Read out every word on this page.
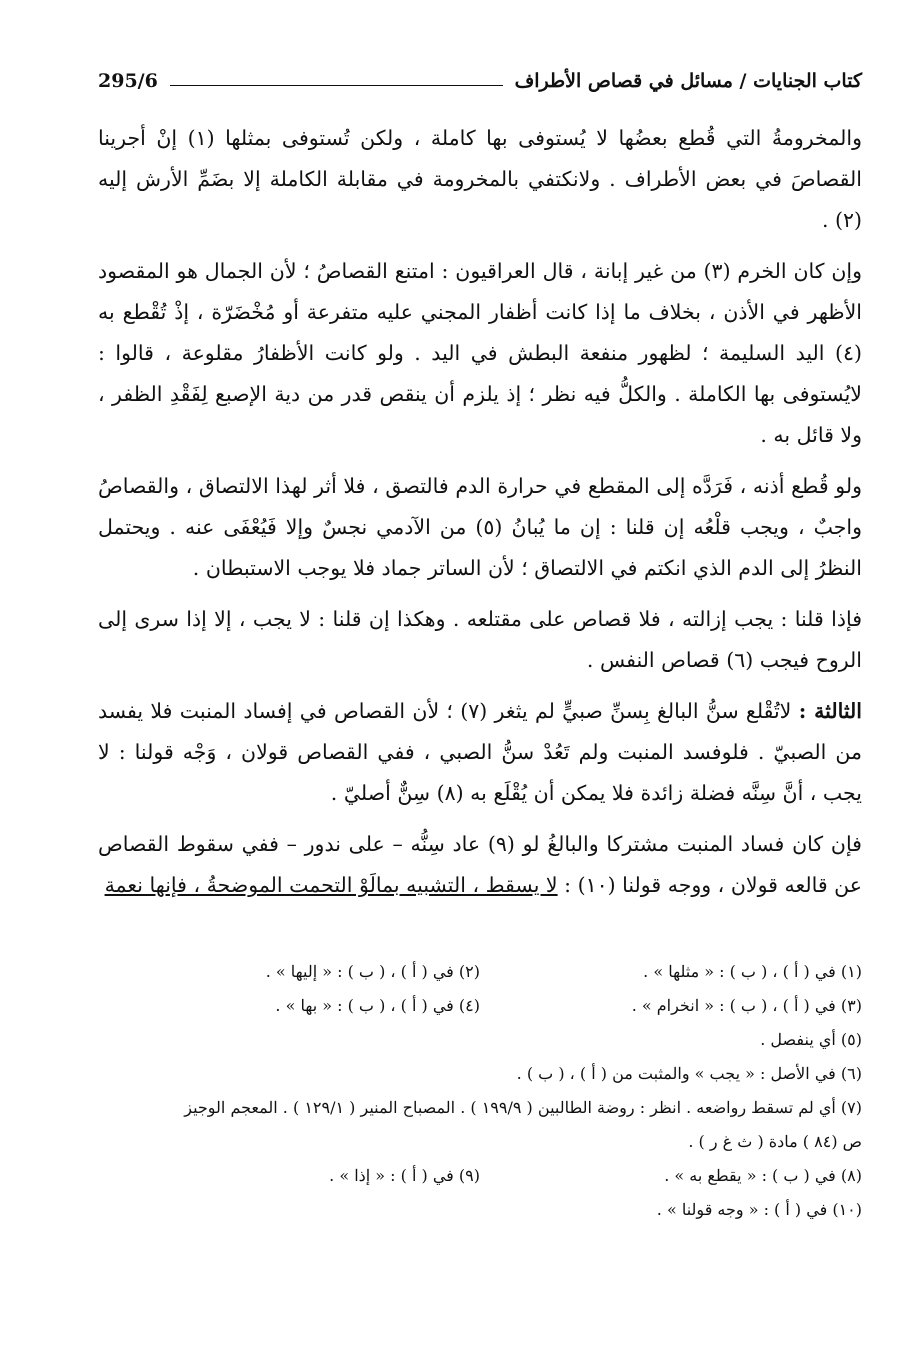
كتاب الجنايات / مسائل في قصاص الأطراف
295/6

والمخرومةُ التي قُطع بعضُها لا يُستوفى بها كاملة ، ولكن تُستوفى بمثلها (١) إنْ أجرينا القصاصَ في بعض الأطراف . ولانكتفي بالمخرومة في مقابلة الكاملة إلا بضَمِّ الأرش إليه (٢) .

وإن كان الخرم (٣) من غير إبانة ، قال العراقيون : امتنع القصاصُ ؛ لأن الجمال هو المقصود الأظهر في الأذن ، بخلاف ما إذا كانت أظفار المجني عليه متفرعة أو مُخْضَرّة ، إذْ تُقْطع به (٤) اليد السليمة ؛ لظهور منفعة البطش في اليد . ولو كانت الأظفارُ مقلوعة ، قالوا : لايُستوفى بها الكاملة . والكلُّ فيه نظر ؛ إذ يلزم أن ينقص قدر من دية الإصبع لِفَقْدِ الظفر ، ولا قائل به .

ولو قُطع أذنه ، فَرَدَّه إلى المقطع في حرارة الدم فالتصق ، فلا أثر لهذا الالتصاق ، والقصاصُ واجبٌ ، ويجب قلْعُه إن قلنا : إن ما يُبانُ (٥) من الآدمي نجسٌ وإلا فَيُعْفَى عنه . ويحتمل النظرُ إلى الدم الذي انكتم في الالتصاق ؛ لأن الساتر جماد فلا يوجب الاستبطان .

فإذا قلنا : يجب إزالته ، فلا قصاص على مقتلعه . وهكذا إن قلنا : لا يجب ، إلا إذا سرى إلى الروح فيجب (٦) قصاص النفس .

الثالثة : لاتُقْلع سنُّ البالغ بِسنِّ صبيٍّ لم يثغر (٧) ؛ لأن القصاص في إفساد المنبت فلا يفسد من الصبيّ . فلوفسد المنبت ولم تَعُدْ سنُّ الصبي ، ففي القصاص قولان ، وَجْه قولنا : لا يجب ، أنَّ سِنَّه فضلة زائدة فلا يمكن أن يُقْلَع به (٨) سِنٌّ أصليّ .

فإن كان فساد المنبت مشتركا والبالغُ لو (٩) عاد سِنُّه – على ندور – ففي سقوط القصاص عن قالعه قولان ، ووجه قولنا (١٠) : لا يسقط ، التشبيه بمالَوْ التحمت الموضحةُ ، فإنها نعمة

(١) في ( أ ) ، ( ب ) : « مثلها » .
(٢) في ( أ ) ، ( ب ) : « إليها » .
(٣) في ( أ ) ، ( ب ) : « انخرام » .
(٤) في ( أ ) ، ( ب ) : « بها » .
(٥) أي ينفصل .
(٦) في الأصل : « يجب » والمثبت من ( أ ) ، ( ب ) .
(٧) أي لم تسقط رواضعه . انظر : روضة الطالبين ( ١٩٩/٩ ) . المصباح المنير ( ١٢٩/١ ) . المعجم الوجيز
ص (٨٤ ) مادة ( ث غ ر ) .
(٨) في ( ب ) : « يقطع به » .
(٩) في ( أ ) : « إذا » .
(١٠) في ( أ ) : « وجه قولنا » .
